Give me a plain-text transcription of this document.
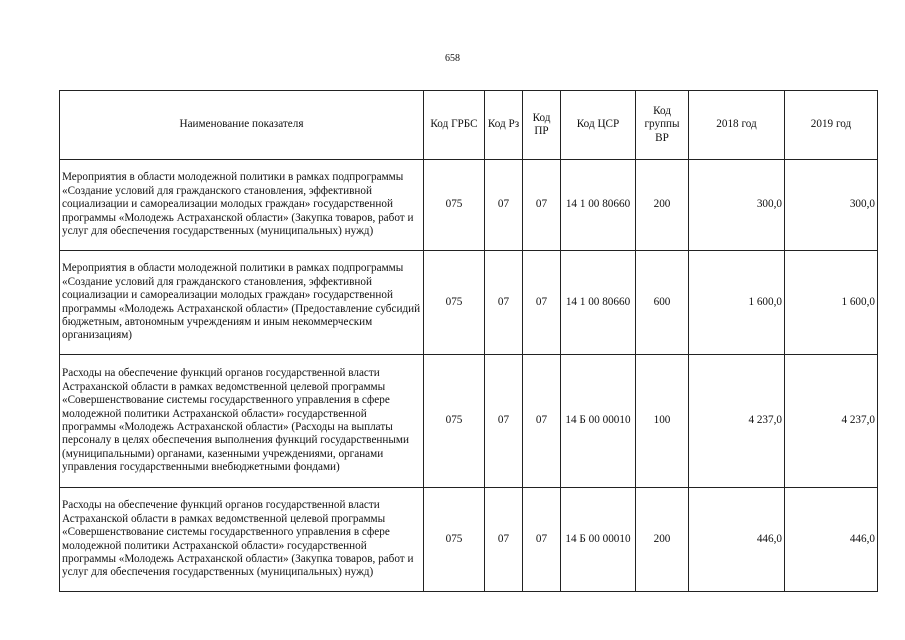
658
Наименование показателя	Код ГРБС	Код Рз	Код ПР	Код ЦСР	Код группы ВР	2018 год	2019 год
Мероприятия в области молодежной политики в рамках подпрограммы «Создание условий для гражданского становления, эффективной социализации и самореализации молодых граждан» государственной программы «Молодежь Астраханской области» (Закупка товаров, работ и услуг для обеспечения государственных (муниципальных) нужд)	075	07	07	14 1 00 80660	200	300,0	300,0
Мероприятия в области молодежной политики в рамках подпрограммы «Создание условий для гражданского становления, эффективной социализации и самореализации молодых граждан» государственной программы «Молодежь Астраханской области» (Предоставление субсидий бюджетным, автономным учреждениям и иным некоммерческим организациям)	075	07	07	14 1 00 80660	600	1 600,0	1 600,0
Расходы на обеспечение функций органов государственной власти Астраханской области в рамках ведомственной целевой программы «Совершенствование системы государственного управления в сфере молодежной политики Астраханской области» государственной программы «Молодежь Астраханской области» (Расходы на выплаты персоналу в целях обеспечения выполнения функций государственными (муниципальными) органами, казенными учреждениями, органами управления государственными внебюджетными фондами)	075	07	07	14 Б 00 00010	100	4 237,0	4 237,0
Расходы на обеспечение функций органов государственной власти Астраханской области в рамках ведомственной целевой программы «Совершенствование системы государственного управления в сфере молодежной политики Астраханской области» государственной программы «Молодежь Астраханской области» (Закупка товаров, работ и услуг для обеспечения государственных (муниципальных) нужд)	075	07	07	14 Б 00 00010	200	446,0	446,0
